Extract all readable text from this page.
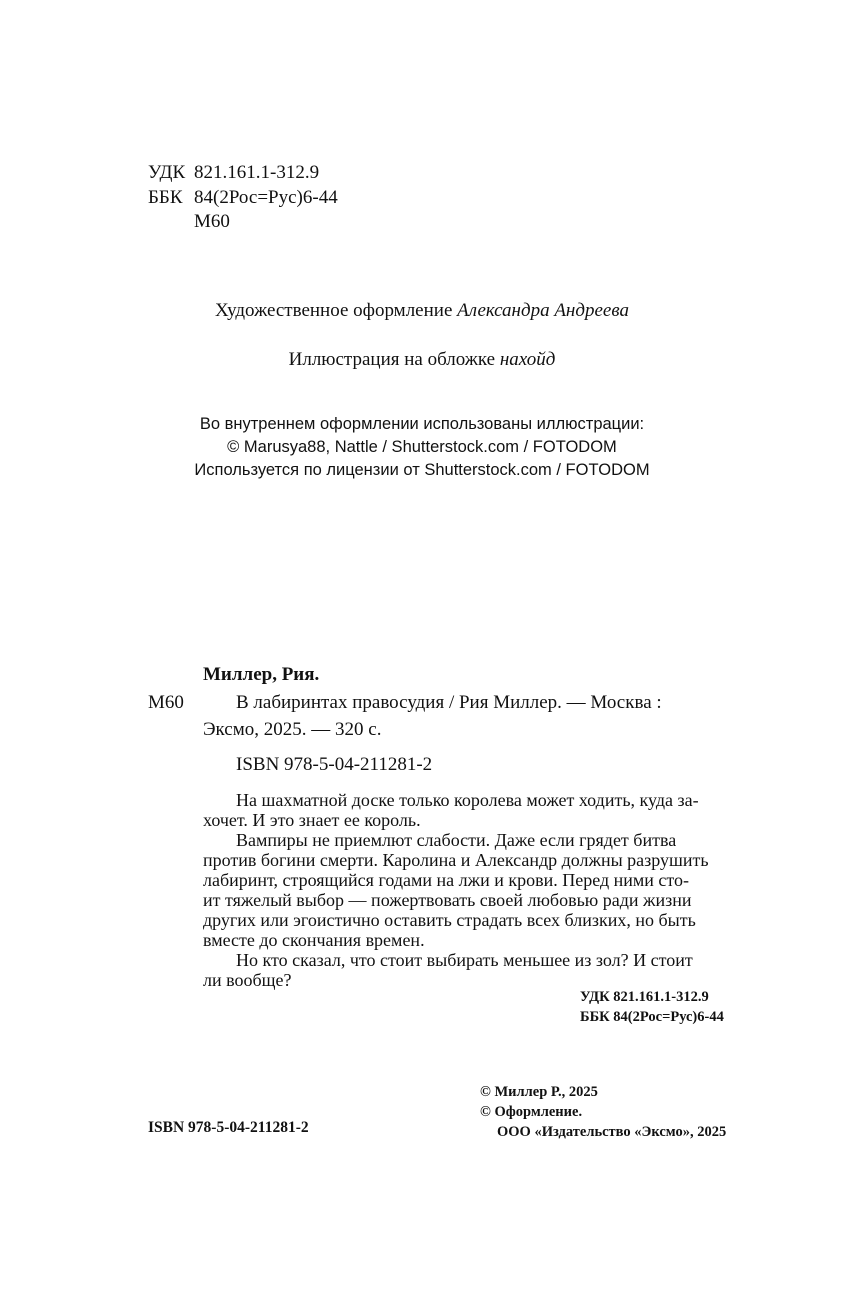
УДК 821.161.1-312.9
ББК 84(2Рос=Рус)6-44
М60
Художественное оформление Александра Андреева
Иллюстрация на обложке нахойд
Во внутреннем оформлении использованы иллюстрации:
© Marusya88, Nattle / Shutterstock.com / FOTODOM
Используется по лицензии от Shutterstock.com / FOTODOM
Миллер, Рия.
М60	В лабиринтах правосудия / Рия Миллер. — Москва :
Эксмо, 2025. — 320 с.
ISBN 978-5-04-211281-2
На шахматной доске только королева может ходить, куда за-
хочет. И это знает ее король.
Вампиры не приемлют слабости. Даже если грядет битва
против богини смерти. Каролина и Александр должны разрушить
лабиринт, строящийся годами на лжи и крови. Перед ними сто-
ит тяжелый выбор — пожертвовать своей любовью ради жизни
других или эгоистично оставить страдать всех близких, но быть
вместе до скончания времен.
Но кто сказал, что стоит выбирать меньшее из зол? И стоит
ли вообще?
УДК 821.161.1-312.9
ББК 84(2Рос=Рус)6-44
© Миллер Р., 2025
© Оформление.
ООО «Издательство «Эксмо», 2025
ISBN 978-5-04-211281-2
